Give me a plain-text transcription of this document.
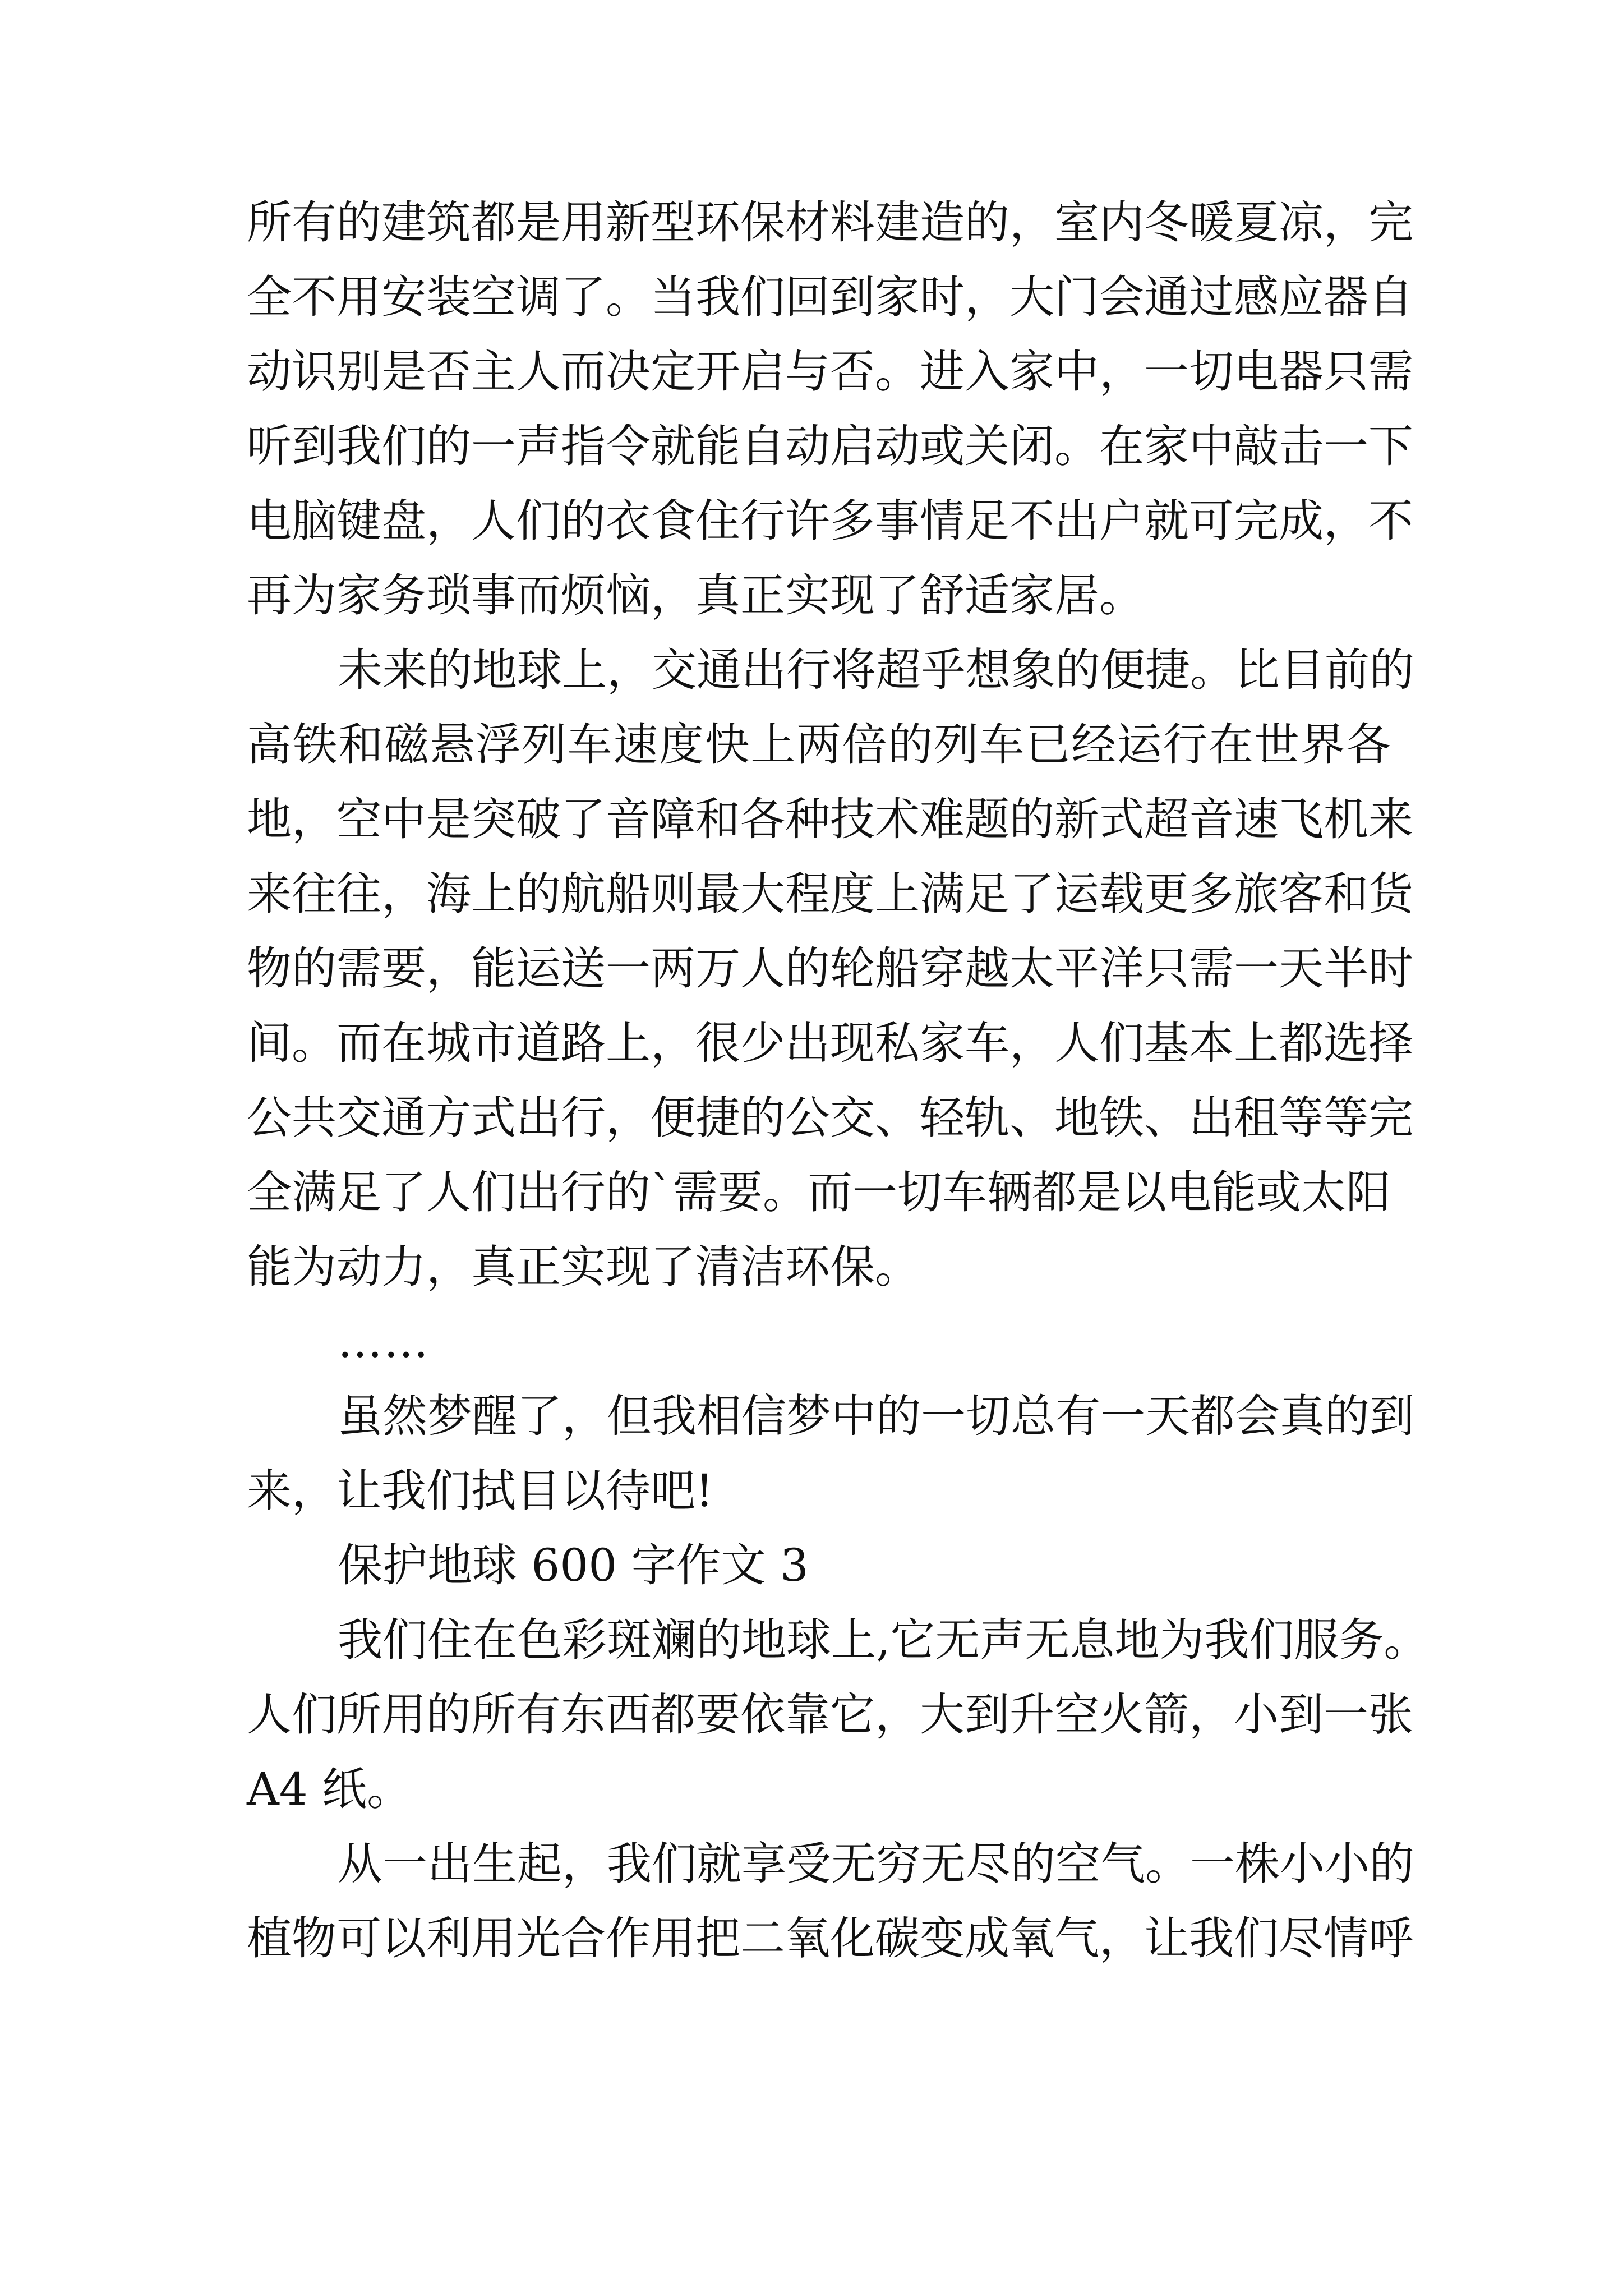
所有的建筑都是用新型环保材料建造的，室内冬暖夏凉，完
全不用安装空调了。当我们回到家时，大门会通过感应器自
动识别是否主人而决定开启与否。进入家中，一切电器只需
听到我们的一声指令就能自动启动或关闭。在家中敲击一下
电脑键盘，人们的衣食住行许多事情足不出户就可完成，不
再为家务琐事而烦恼，真正实现了舒适家居。
未来的地球上，交通出行将超乎想象的便捷。比目前的
高铁和磁悬浮列车速度快上两倍的列车已经运行在世界各
地，空中是突破了音障和各种技术难题的新式超音速飞机来
来往往，海上的航船则最大程度上满足了运载更多旅客和货
物的需要，能运送一两万人的轮船穿越太平洋只需一天半时
间。而在城市道路上，很少出现私家车，人们基本上都选择
公共交通方式出行，便捷的公交、轻轨、地铁、出租等等完
全满足了人们出行的`需要。而一切车辆都是以电能或太阳
能为动力，真正实现了清洁环保。
……
虽然梦醒了，但我相信梦中的一切总有一天都会真的到
来，让我们拭目以待吧!
保护地球 600 字作文 3
我们住在色彩斑斓的地球上,它无声无息地为我们服务。
人们所用的所有东西都要依靠它，大到升空火箭，小到一张
A4 纸。
从一出生起，我们就享受无穷无尽的空气。一株小小的
植物可以利用光合作用把二氧化碳变成氧气，让我们尽情呼
